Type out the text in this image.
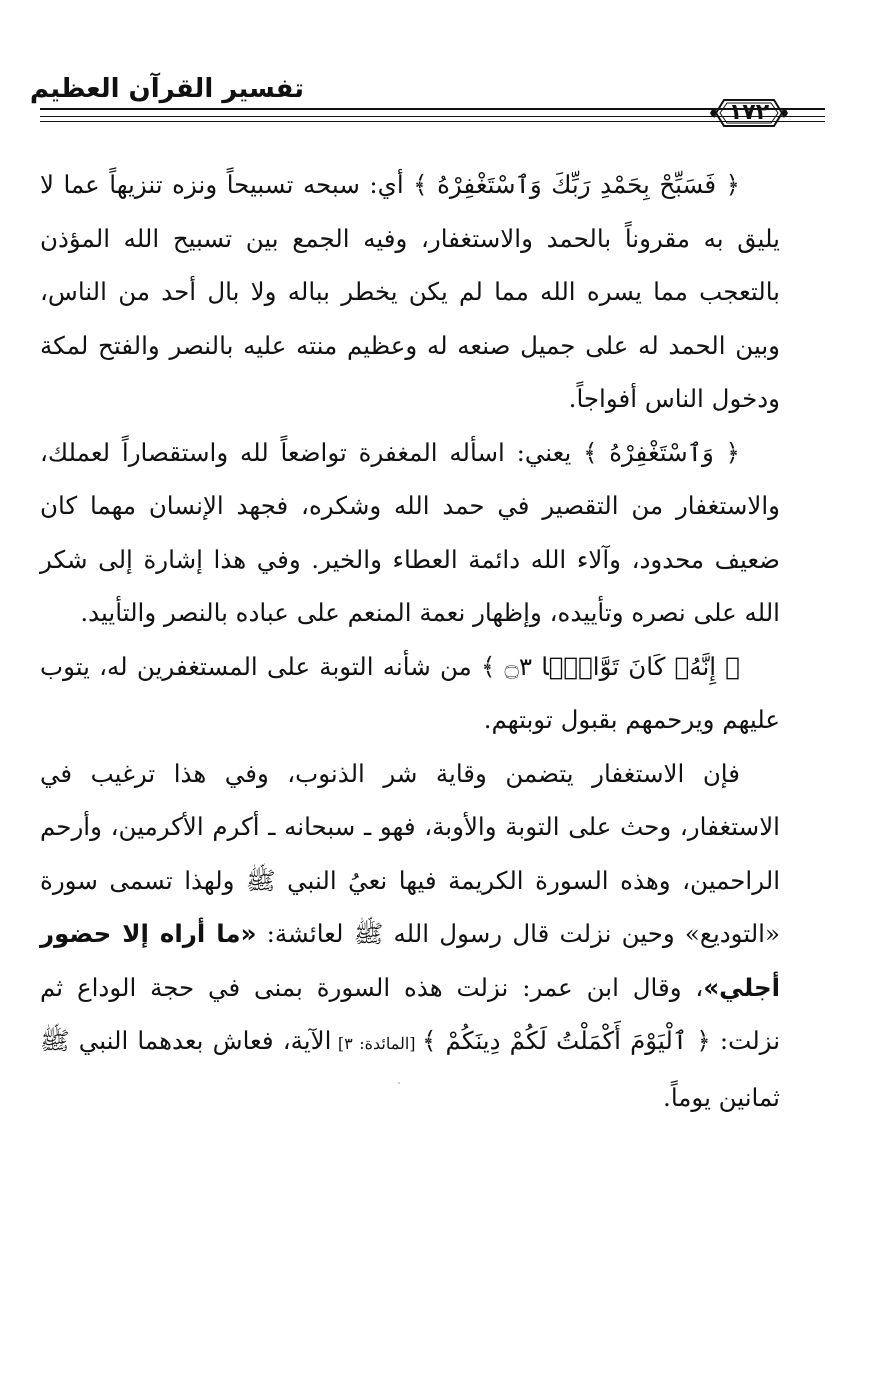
تفسير القرآن العظيم
١٧٢

﴿ فَسَبِّحْ بِحَمْدِ رَبِّكَ وَٱسْتَغْفِرْهُ ﴾ أي: سبحه تسبيحاً ونزه تنزيهاً عما لا يليق به مقروناً بالحمد والاستغفار، وفيه الجمع بين تسبيح الله المؤذن بالتعجب مما يسره الله مما لم يكن يخطر بباله ولا بال أحد من الناس، وبين الحمد له على جميل صنعه له وعظيم منته عليه بالنصر والفتح لمكة ودخول الناس أفواجاً.

﴿ وَٱسْتَغْفِرْهُ ﴾ يعني: اسأله المغفرة تواضعاً لله واستقصاراً لعملك، والاستغفار من التقصير في حمد الله وشكره، فجهد الإنسان مهما كان ضعيف محدود، وآلاء الله دائمة العطاء والخير. وفي هذا إشارة إلى شكر الله على نصره وتأييده، وإظهار نعمة المنعم على عباده بالنصر والتأييد.

﴿ إِنَّهُۥ كَانَ تَوَّابَۢا ۝٣ ﴾ من شأنه التوبة على المستغفرين له، يتوب عليهم ويرحمهم بقبول توبتهم.

فإن الاستغفار يتضمن وقاية شر الذنوب، وفي هذا ترغيب في الاستغفار، وحث على التوبة والأوبة، فهو ـ سبحانه ـ أكرم الأكرمين، وأرحم الراحمين، وهذه السورة الكريمة فيها نعيُ النبي ﷺ ولهذا تسمى سورة «التوديع» وحين نزلت قال رسول الله ﷺ لعائشة: «ما أراه إلا حضور أجلي»، وقال ابن عمر: نزلت هذه السورة بمنى في حجة الوداع ثم نزلت: ﴿ ٱلْيَوْمَ أَكْمَلْتُ لَكُمْ دِينَكُمْ ﴾ [المائدة: ٣] الآية، فعاش بعدهما النبي ﷺ ثمانين يوماً.
